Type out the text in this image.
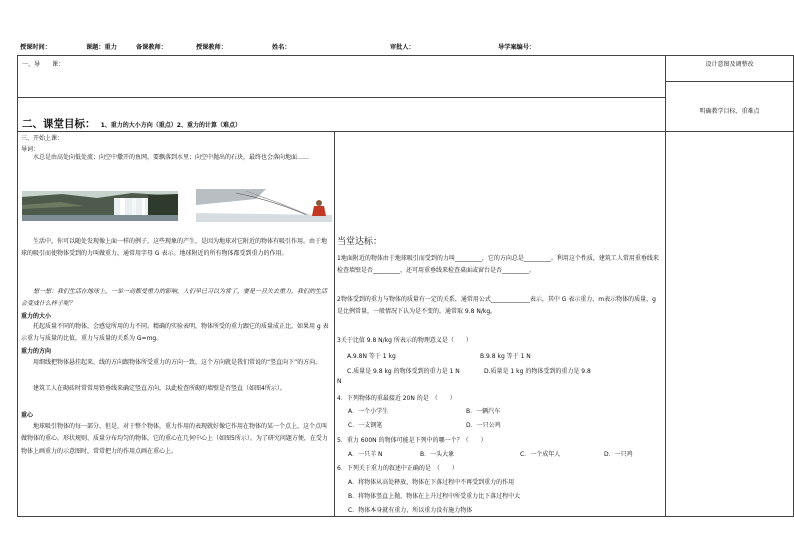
授课时间：	课题：重力	备课教师：	授课教师：	姓名：	审批人：	导学案编号：
一、导　　课：		设计意图及调整改
明确教学目标、重难点

二、课堂目标： 1、重力的大小方向（重点）2、重力的计算（难点）		

三、开始上课：
导词：
水总是由高处向低处流；向空中撒开的鱼网，要飘落到水里；向空中抛出的石块，最终也会落向地面……
生活中，你可以随处发现像上面一样的例子，这些现象的产生，是因为地球对它附近的物体有吸引作用。由于地球的吸引而使物体受到的力叫做重力，通常用字母 G 表示。地球附近的所有物体都受到重力的作用。
想一想：我们生活在地球上，一举一动都受重力的影响，人们早已习以为常了，要是一旦失去重力，我们的生活会变成什么样子呢？
重力的大小
托起质量不同的物体，会感觉所用的力不同。精确的实验表明，物体所受的重力跟它的质量成正比。如果用 g 表示重力与质量的比值，重力与质量的关系为 G=mg。
重力的方向
用细线把物体悬挂起来，线的方向跟物体所受重力的方向一致，这个方向就是我们常说的“竖直向下”的方向。
建筑工人在砌砖时常常用铅垂线来确定竖直方向，以此检查所砌的墙壁是否竖直（如图4所示）。
重心
地球吸引物体的每一部分，但是，对于整个物体，重力作用的表现就好像它作用在物体的某一个点上，这个点叫做物体的重心。形状规则、质量分布均匀的物体，它的重心在几何中心上（如图5所示）。为了研究问题方便，在受力物体上画重力的示意图时，常常把力的作用点画在重心上。
当堂达标：
1地面附近的物体由于地球吸引而受到的力叫_________，它的方向总是_________。利用这个性质，建筑工人常用重垂线来检查墙壁是否_________，还可用重垂线来检查桌面或窗台是否_________。
2物体受到的重力与物体的质量有一定的关系，通常用公式_____________表示，其中 G 表示重力，m表示物体的质量，g 是比例常量，一般情况下认为是不变的，通常取 9.8 N/kg。
3关于比值 9.8 N/kg 所表示的物理意义是（　　）
A.9.8N 等于 1 kg	B.9.8 kg 等于 1 N
C.质量是 9.8 kg 的物体受到的重力是 1 N	D.质量是 1 kg 的物体受到的重力是 9.8
N
4．下列物体的重最接近 20N 的是　（　　）
A．一个小学生	B．一辆汽车
C．一支钢笔	D．一只公鸡
5．重力 600N 的物体可能是下列中的哪一个？（　　）
A．一只羊 N	B．一头大象	C．一个成年人	D．一只鸡
6．下列关于重力的叙述中正确的是　（　　）
A．将物体从高处释放，物体在下落过程中不再受到重力的作用
B．将物体竖直上抛，物体在上升过程中所受重力比下落过程中大
C．物体本身就有重力，所以重力没有施力物体
